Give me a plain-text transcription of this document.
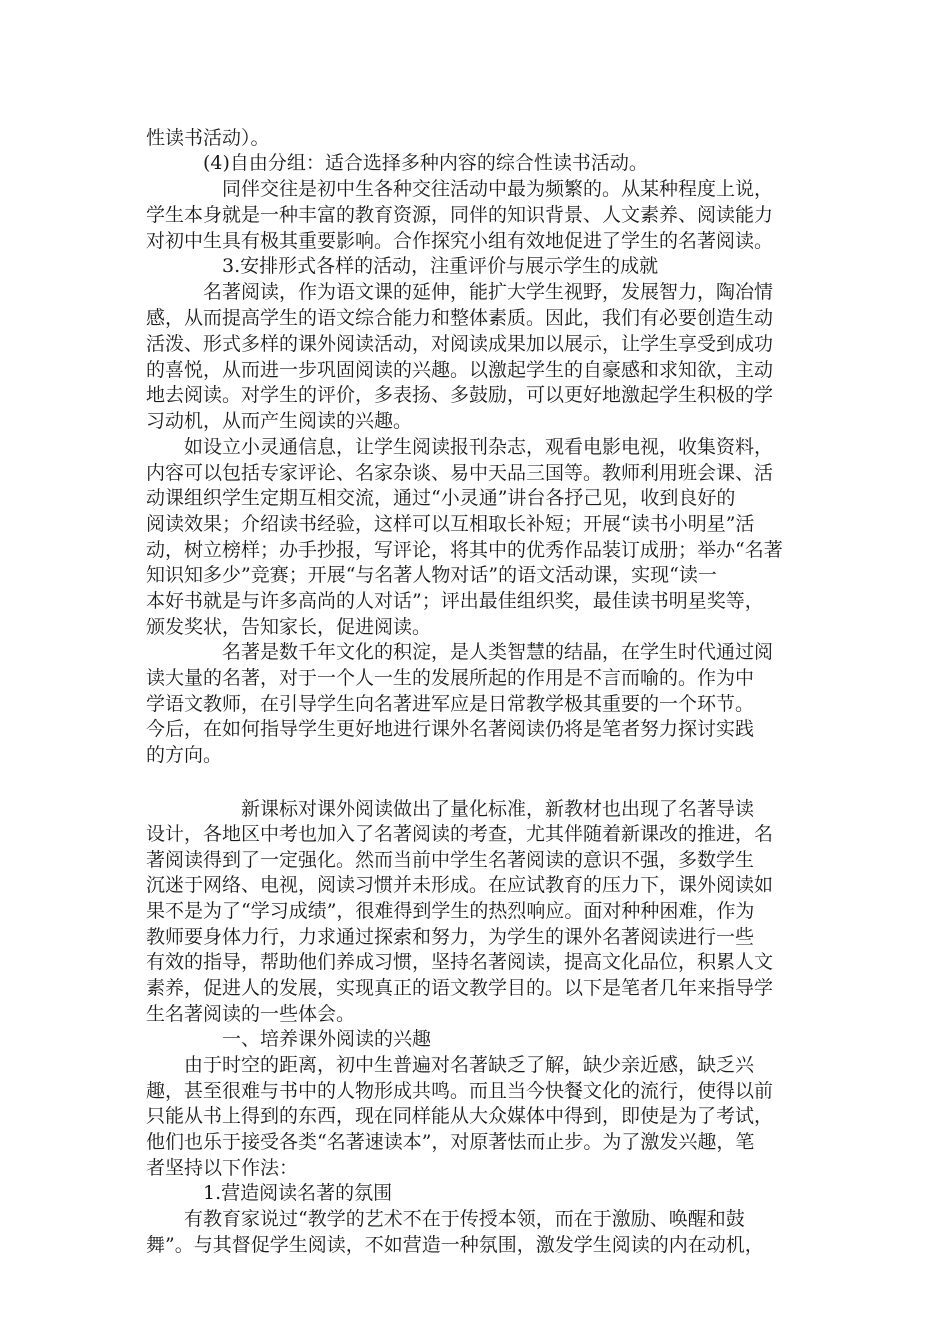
性读书活动）。
　　　(4)自由分组：适合选择多种内容的综合性读书活动。
　　　　同伴交往是初中生各种交往活动中最为频繁的。从某种程度上说，
学生本身就是一种丰富的教育资源，同伴的知识背景、人文素养、阅读能力
对初中生具有极其重要影响。合作探究小组有效地促进了学生的名著阅读。
　　　　3.安排形式各样的活动，注重评价与展示学生的成就
　　　名著阅读，作为语文课的延伸，能扩大学生视野，发展智力，陶冶情
感，从而提高学生的语文综合能力和整体素质。因此，我们有必要创造生动
活泼、形式多样的课外阅读活动，对阅读成果加以展示，让学生享受到成功
的喜悦，从而进一步巩固阅读的兴趣。以激起学生的自豪感和求知欲，主动
地去阅读。对学生的评价，多表扬、多鼓励，可以更好地激起学生积极的学
习动机，从而产生阅读的兴趣。
　　如设立小灵通信息，让学生阅读报刊杂志，观看电影电视，收集资料，
内容可以包括专家评论、名家杂谈、易中天品三国等。教师利用班会课、活
动课组织学生定期互相交流，通过“小灵通”讲台各抒己见，收到良好的
阅读效果；介绍读书经验，这样可以互相取长补短；开展“读书小明星”活
动，树立榜样；办手抄报，写评论，将其中的优秀作品装订成册；举办“名著
知识知多少”竞赛；开展“与名著人物对话”的语文活动课，实现“读一
本好书就是与许多高尚的人对话”；评出最佳组织奖，最佳读书明星奖等，
颁发奖状，告知家长，促进阅读。
　　　　名著是数千年文化的积淀，是人类智慧的结晶，在学生时代通过阅
读大量的名著，对于一个人一生的发展所起的作用是不言而喻的。作为中
学语文教师，在引导学生向名著进军应是日常教学极其重要的一个环节。
今后，在如何指导学生更好地进行课外名著阅读仍将是笔者努力探讨实践
的方向。
　　　　　新课标对课外阅读做出了量化标准，新教材也出现了名著导读
设计，各地区中考也加入了名著阅读的考查，尤其伴随着新课改的推进，名
著阅读得到了一定强化。然而当前中学生名著阅读的意识不强，多数学生
沉迷于网络、电视，阅读习惯并未形成。在应试教育的压力下，课外阅读如
果不是为了“学习成绩”，很难得到学生的热烈响应。面对种种困难，作为
教师要身体力行，力求通过探索和努力，为学生的课外名著阅读进行一些
有效的指导，帮助他们养成习惯，坚持名著阅读，提高文化品位，积累人文
素养，促进人的发展，实现真正的语文教学目的。以下是笔者几年来指导学
生名著阅读的一些体会。
　　　　一、培养课外阅读的兴趣
　　由于时空的距离，初中生普遍对名著缺乏了解，缺少亲近感，缺乏兴
趣，甚至很难与书中的人物形成共鸣。而且当今快餐文化的流行，使得以前
只能从书上得到的东西，现在同样能从大众媒体中得到，即使是为了考试，
他们也乐于接受各类“名著速读本”，对原著怯而止步。为了激发兴趣，笔
者坚持以下作法：
　　　1.营造阅读名著的氛围
　　有教育家说过“教学的艺术不在于传授本领，而在于激励、唤醒和鼓
舞”。与其督促学生阅读，不如营造一种氛围，激发学生阅读的内在动机，
